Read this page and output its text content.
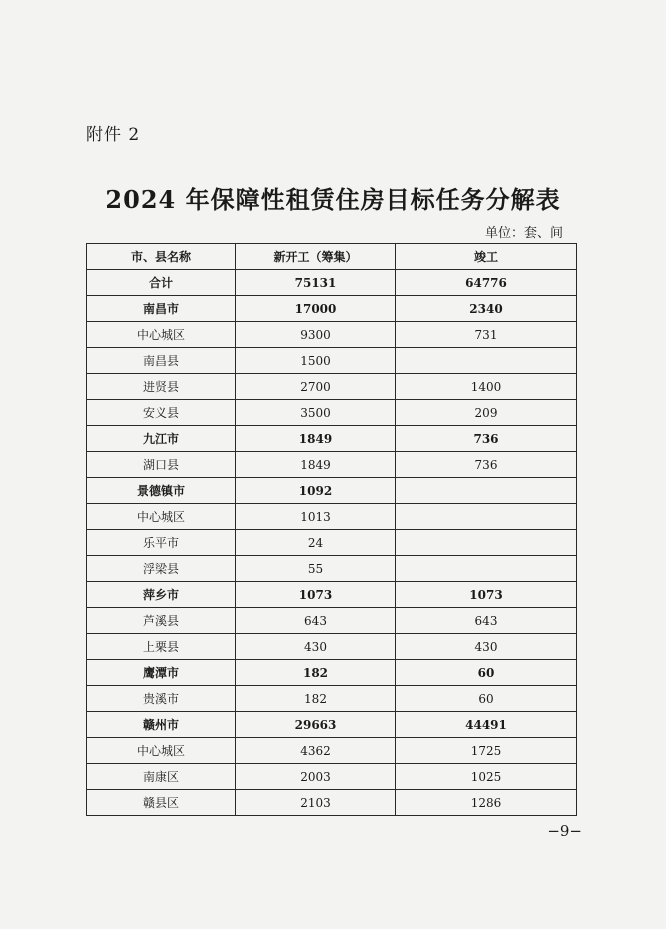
附件 2
2024 年保障性租赁住房目标任务分解表
单位：套、间
市、县名称	新开工（筹集）	竣工
合计	75131	64776
南昌市	17000	2340
中心城区	9300	731
南昌县	1500	
进贤县	2700	1400
安义县	3500	209
九江市	1849	736
湖口县	1849	736
景德镇市	1092	
中心城区	1013	
乐平市	24	
浮梁县	55	
萍乡市	1073	1073
芦溪县	643	643
上栗县	430	430
鹰潭市	182	60
贵溪市	182	60
赣州市	29663	44491
中心城区	4362	1725
南康区	2003	1025
赣县区	2103	1286
−9−
